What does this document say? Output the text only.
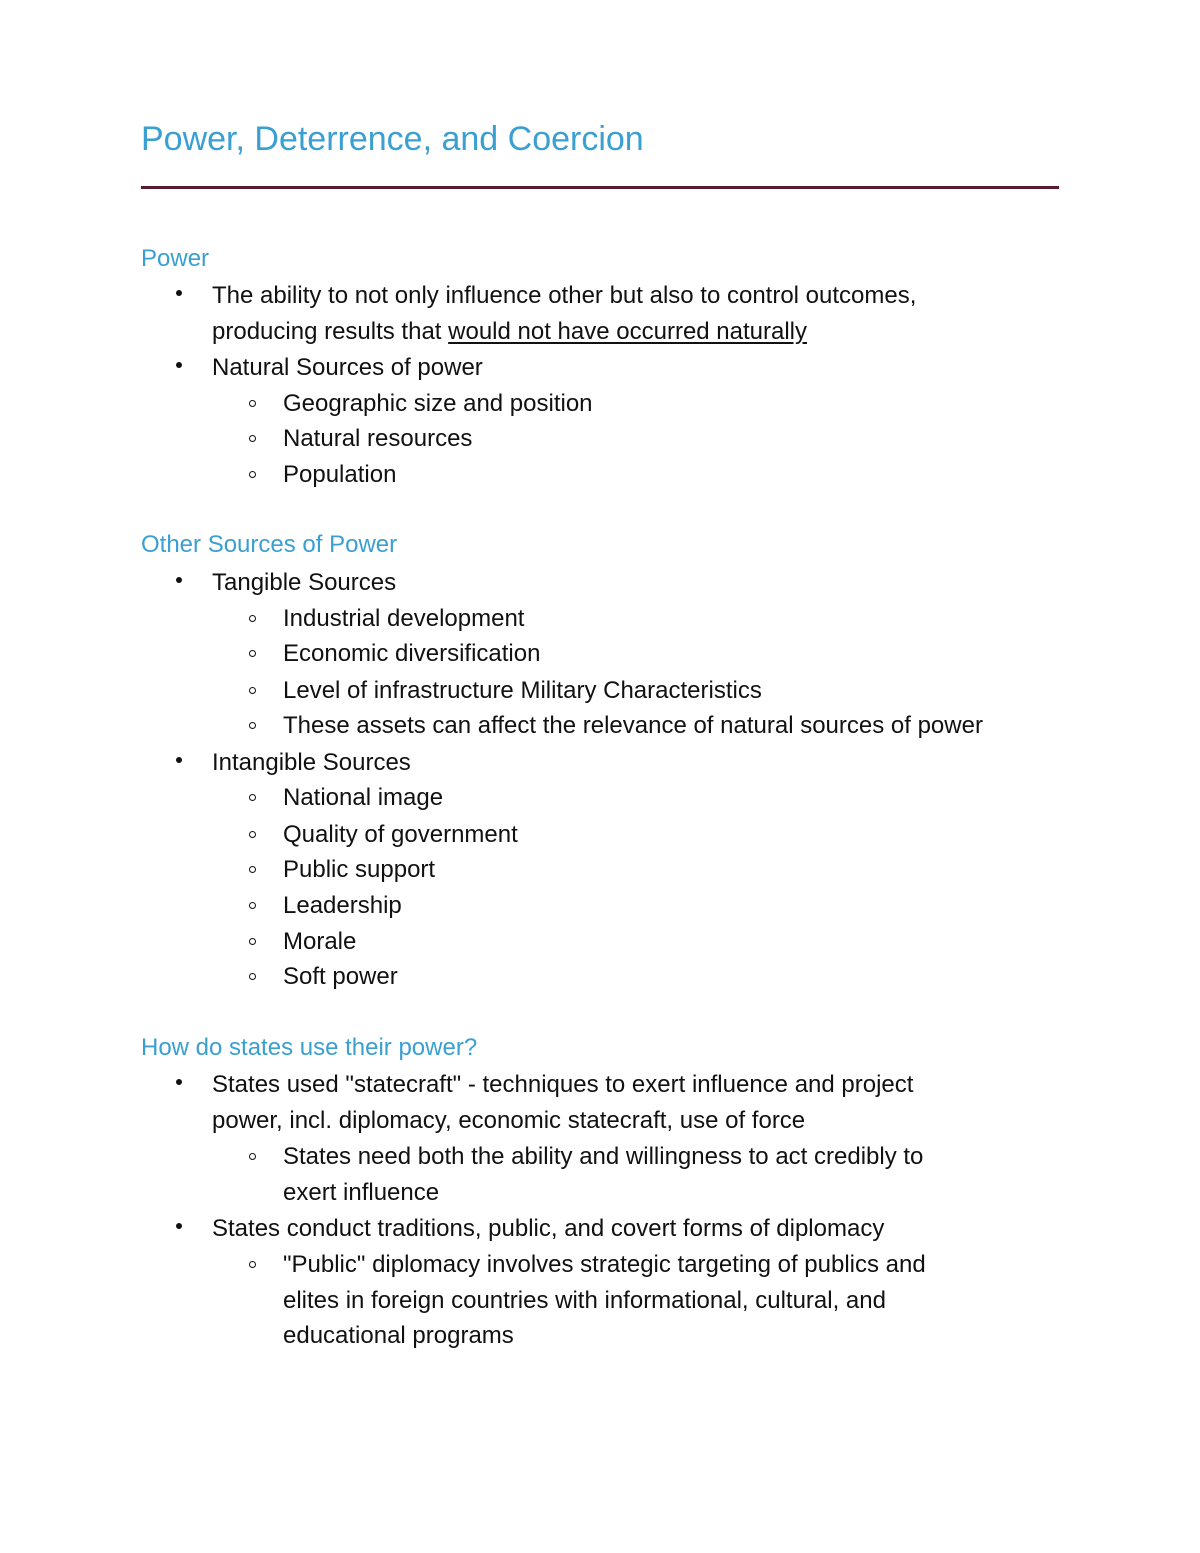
Power, Deterrence, and Coercion
Power
The ability to not only influence other but also to control outcomes,
producing results that would not have occurred naturally
Natural Sources of power
Geographic size and position
Natural resources
Population
Other Sources of Power
Tangible Sources
Industrial development
Economic diversification
Level of infrastructure Military Characteristics
These assets can affect the relevance of natural sources of power
Intangible Sources
National image
Quality of government
Public support
Leadership
Morale
Soft power
How do states use their power?
States used "statecraft" - techniques to exert influence and project
power, incl. diplomacy, economic statecraft, use of force
States need both the ability and willingness to act credibly to
exert influence
States conduct traditions, public, and covert forms of diplomacy
"Public" diplomacy involves strategic targeting of publics and
elites in foreign countries with informational, cultural, and
educational programs
